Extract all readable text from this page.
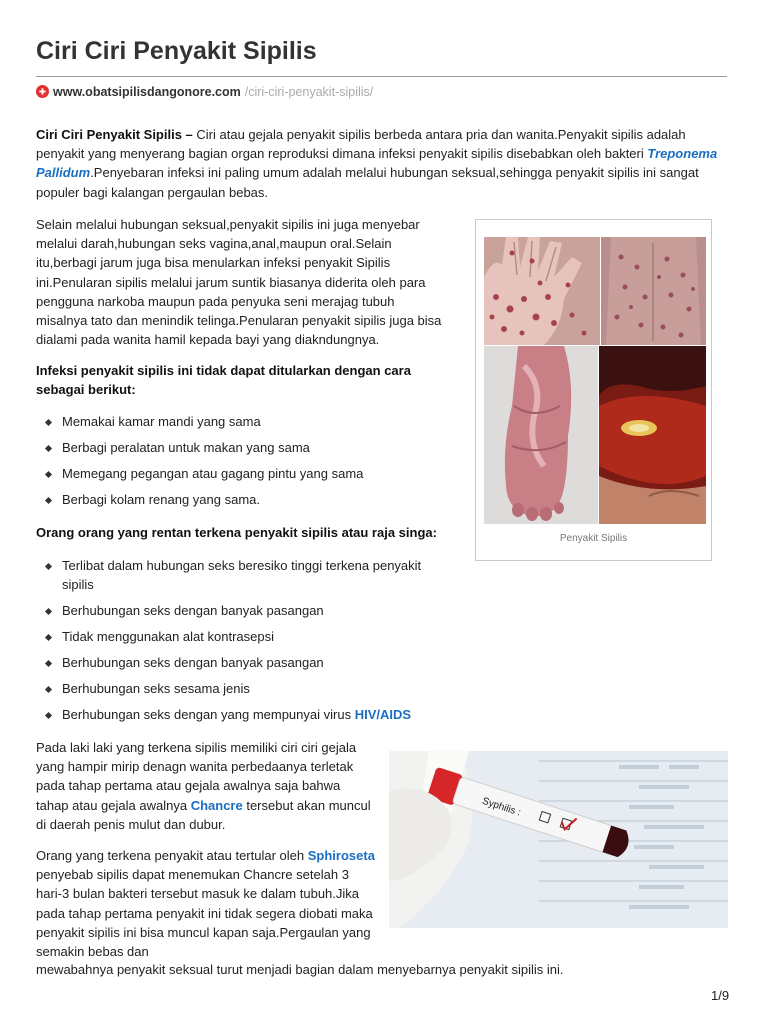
Ciri Ciri Penyakit Sipilis
www.obatsipilisdangonore.com /ciri-ciri-penyakit-sipilis/

Ciri Ciri Penyakit Sipilis – Ciri atau gejala penyakit sipilis berbeda antara pria dan wanita.Penyakit sipilis adalah penyakit yang menyerang bagian organ reproduksi dimana infeksi penyakit sipilis disebabkan oleh bakteri Treponema Pallidum.Penyebaran infeksi ini paling umum adalah melalui hubungan seksual,sehingga penyakit sipilis ini sangat populer bagi kalangan pergaulan bebas.

Selain melalui hubungan seksual,penyakit sipilis ini juga menyebar
melalui darah,hubungan seks vagina,anal,maupun oral.Selain
itu,berbagi jarum juga bisa menularkan infeksi penyakit Sipilis
ini.Penularan sipilis melalui jarum suntik biasanya diderita oleh para
pengguna narkoba maupun pada penyuka seni merajag tubuh
misalnya tato dan menindik telinga.Penularan penyakit sipilis juga bisa
dialami pada wanita hamil kepada bayi yang diakndungnya.
Infeksi penyakit sipilis ini tidak dapat ditularkan dengan cara
sebagai berikut:
Memakai kamar mandi yang sama
Berbagi peralatan untuk makan yang sama
Memegang pegangan atau gagang pintu yang sama
Berbagi kolam renang yang sama.
Orang orang yang rentan terkena penyakit sipilis atau raja singa:
Terlibat dalam hubungan seks beresiko tinggi terkena penyakit sipilis
Berhubungan seks dengan banyak pasangan
Tidak menggunakan alat kontrasepsi
Berhubungan seks dengan banyak pasangan
Berhubungan seks sesama jenis
Berhubungan seks dengan yang mempunyai virus HIV/AIDS
Penyakit Sipilis

Pada laki laki yang terkena sipilis memiliki ciri ciri gejala yang hampir mirip denagn wanita perbedaanya terletak pada tahap pertama atau gejala awalnya saja bahwa tahap atau gejala awalnya Chancre tersebut akan muncul di daerah penis mulut dan dubur.

Orang yang terkena penyakit atau tertular oleh Sphiroseta penyebab sipilis dapat menemukan Chancre setelah 3 hari-3 bulan bakteri tersebut masuk ke dalam tubuh.Jika pada tahap pertama penyakit ini tidak segera diobati maka penyakit sipilis ini bisa muncul kapan saja.Pergaulan yang semakin bebas dan

mewabahnya penyakit seksual turut menjadi bagian dalam menyebarnya penyakit sipilis ini.
Syphilis :
1/9
